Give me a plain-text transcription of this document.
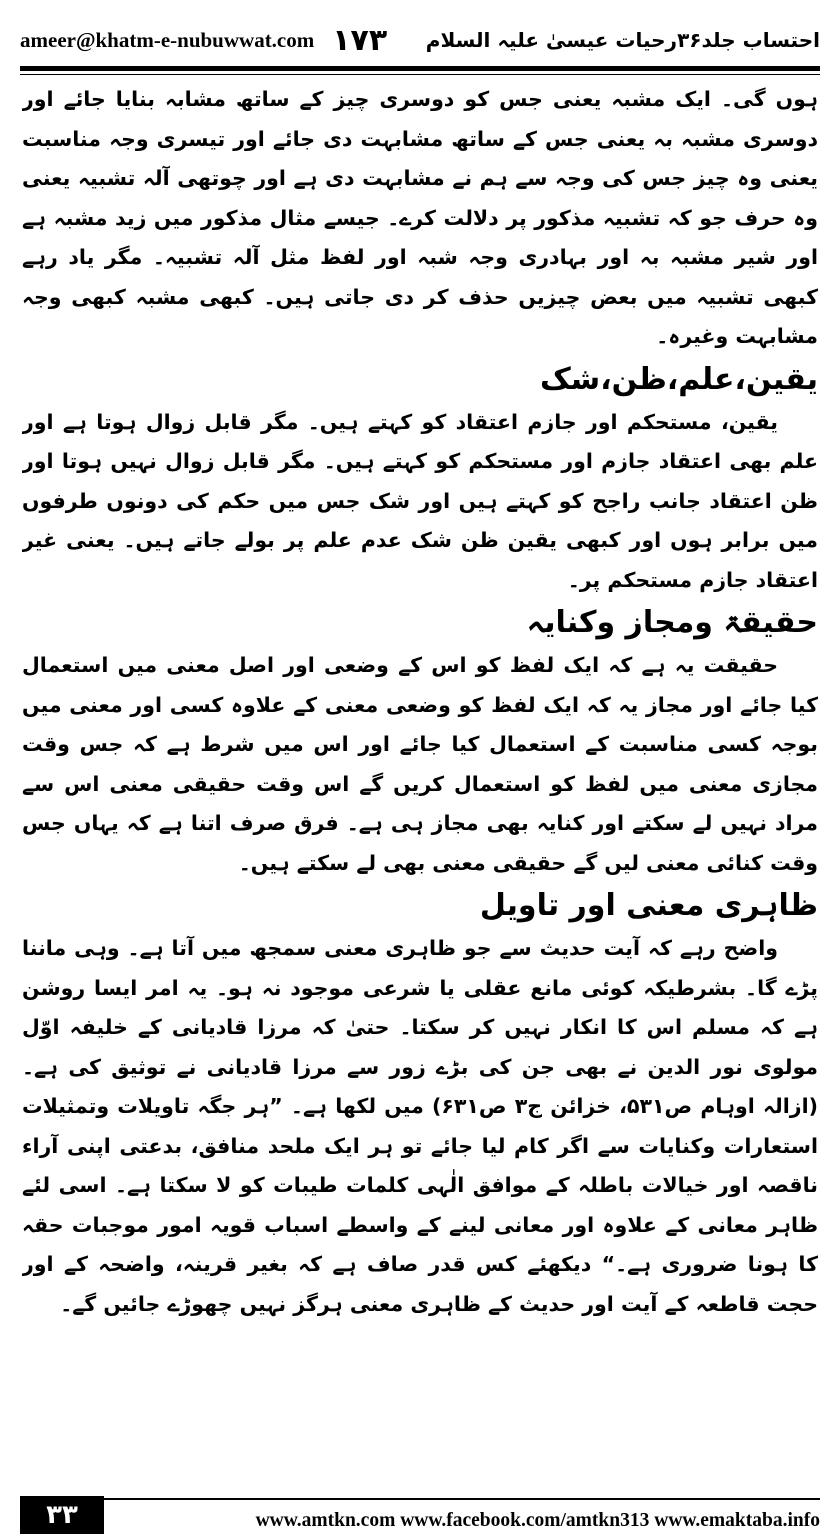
ameer@khatm-e-nubuwwat.com ۱۷۳ احتساب جلد۳۶رحیات عیسیٰ علیہ السلام

ہوں گی۔ ایک مشبہ یعنی جس کو دوسری چیز کے ساتھ مشابہ بنایا جائے اور دوسری مشبہ بہ یعنی جس کے ساتھ مشابہت دی جائے اور تیسری وجہ مناسبت یعنی وہ چیز جس کی وجہ سے ہم نے مشابہت دی ہے اور چوتھی آلہ تشبیہ یعنی وہ حرف جو کہ تشبیہ مذکور پر دلالت کرے۔ جیسے مثال مذکور میں زید مشبہ ہے اور شیر مشبہ بہ اور بہادری وجہ شبہ اور لفظ مثل آلہ تشبیہ۔ مگر یاد رہے کبھی تشبیہ میں بعض چیزیں حذف کر دی جاتی ہیں۔ کبھی مشبہ کبھی وجہ مشابہت وغیرہ۔

یقین،علم،ظن،شک

یقین، مستحکم اور جازم اعتقاد کو کہتے ہیں۔ مگر قابل زوال ہوتا ہے اور علم بھی اعتقاد جازم اور مستحکم کو کہتے ہیں۔ مگر قابل زوال نہیں ہوتا اور ظن اعتقاد جانب راجح کو کہتے ہیں اور شک جس میں حکم کی دونوں طرفوں میں برابر ہوں اور کبھی یقین ظن شک عدم علم پر بولے جاتے ہیں۔ یعنی غیر اعتقاد جازم مستحکم پر۔

حقیقۃ ومجاز وکنایہ

حقیقت یہ ہے کہ ایک لفظ کو اس کے وضعی اور اصل معنی میں استعمال کیا جائے اور مجاز یہ کہ ایک لفظ کو وضعی معنی کے علاوہ کسی اور معنی میں بوجہ کسی مناسبت کے استعمال کیا جائے اور اس میں شرط ہے کہ جس وقت مجازی معنی میں لفظ کو استعمال کریں گے اس وقت حقیقی معنی اس سے مراد نہیں لے سکتے اور کنایہ بھی مجاز ہی ہے۔ فرق صرف اتنا ہے کہ یہاں جس وقت کنائی معنی لیں گے حقیقی معنی بھی لے سکتے ہیں۔

ظاہری معنی اور تاویل

واضح رہے کہ آیت حدیث سے جو ظاہری معنی سمجھ میں آتا ہے۔ وہی ماننا پڑے گا۔ بشرطیکہ کوئی مانع عقلی یا شرعی موجود نہ ہو۔ یہ امر ایسا روشن ہے کہ مسلم اس کا انکار نہیں کر سکتا۔ حتیٰ کہ مرزا قادیانی کے خلیفہ اوّل مولوی نور الدین نے بھی جن کی بڑے زور سے مرزا قادیانی نے توثیق کی ہے۔ (ازالہ اوہام ص۵۳۱، خزائن ج۳ ص۶۳۱) میں لکھا ہے۔ ”ہر جگہ تاویلات وتمثیلات استعارات وکنایات سے اگر کام لیا جائے تو ہر ایک ملحد منافق، بدعتی اپنی آراء ناقصہ اور خیالات باطلہ کے موافق الٰہی کلمات طیبات کو لا سکتا ہے۔ اسی لئے ظاہر معانی کے علاوہ اور معانی لینے کے واسطے اسباب قویہ امور موجبات حقہ کا ہونا ضروری ہے۔“ دیکھئے کس قدر صاف ہے کہ بغیر قرینہ، واضحہ کے اور حجت قاطعہ کے آیت اور حدیث کے ظاہری معنی ہرگز نہیں چھوڑے جائیں گے۔

۳۳	www.amtkn.com www.facebook.com/amtkn313 www.emaktaba.info
